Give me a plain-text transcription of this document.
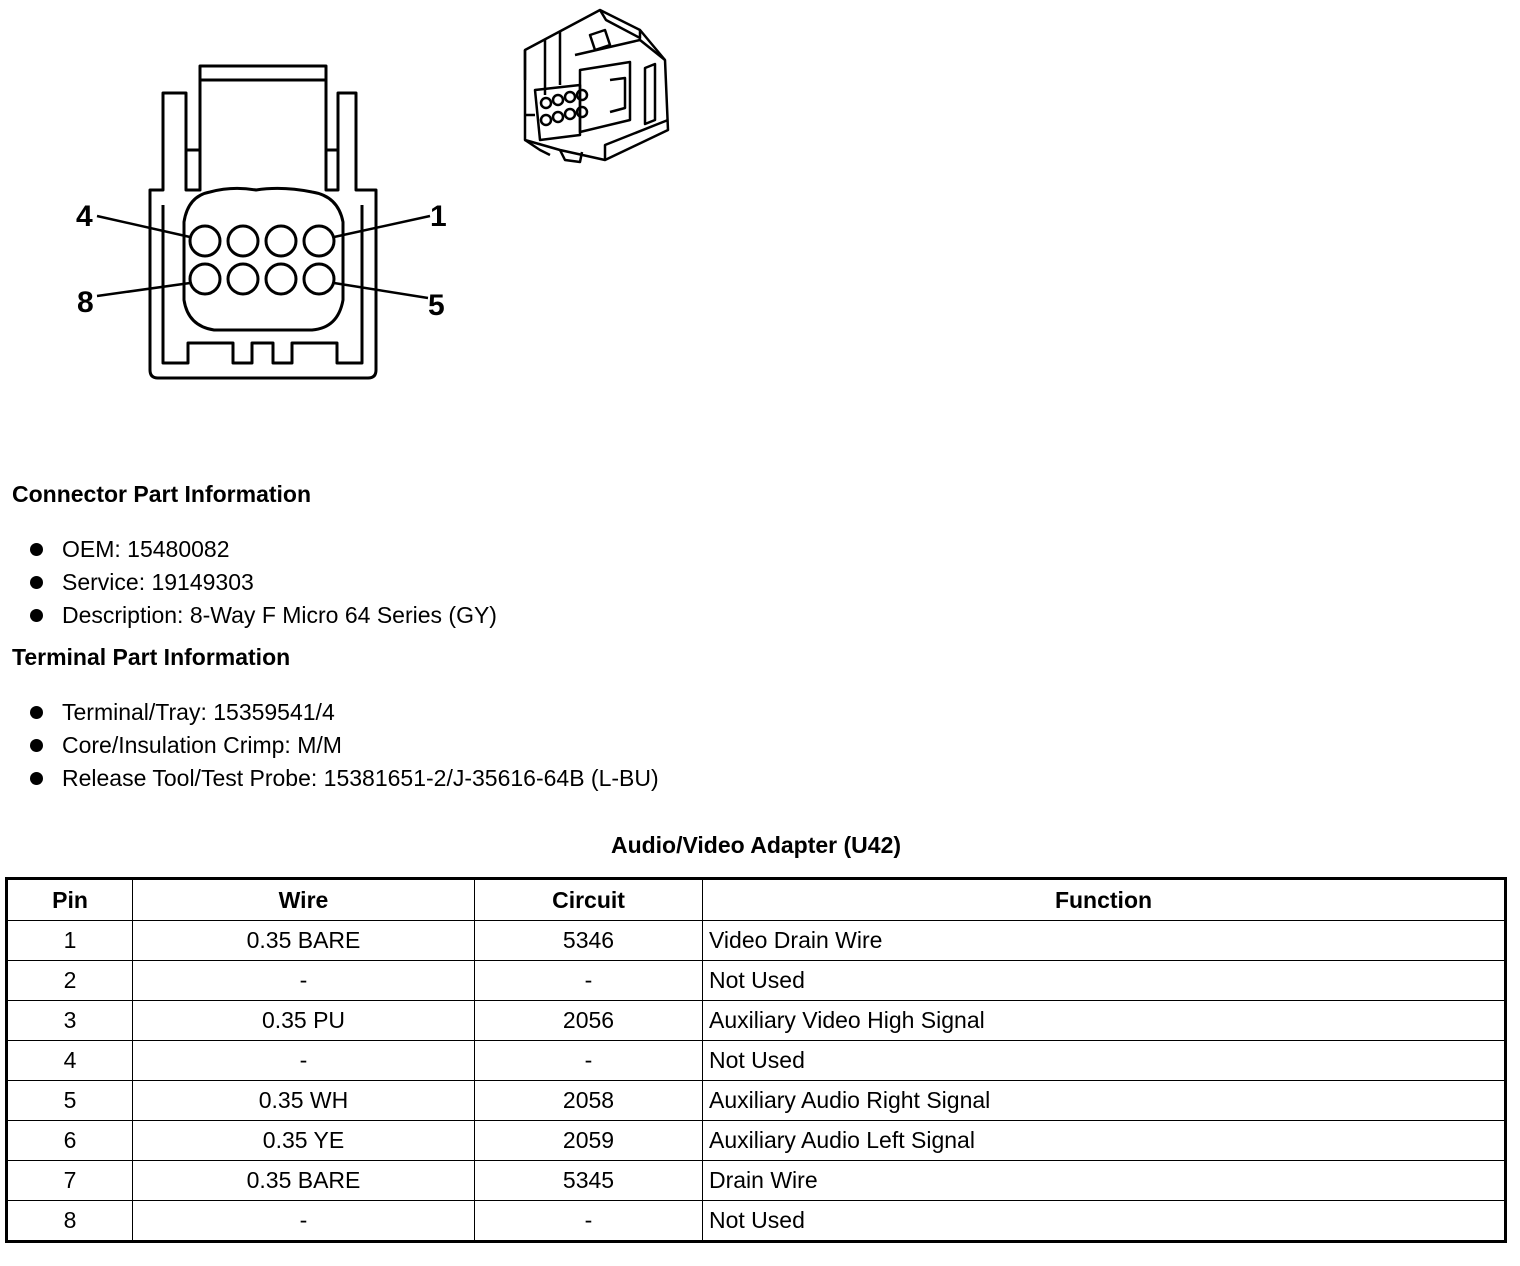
4	1
8	5
Connector Part Information
OEM: 15480082
Service: 19149303
Description: 8-Way F Micro 64 Series (GY)
Terminal Part Information
Terminal/Tray: 15359541/4
Core/Insulation Crimp: M/M
Release Tool/Test Probe: 15381651-2/J-35616-64B (L-BU)
Audio/Video Adapter (U42)
Pin	Wire	Circuit	Function
1	0.35 BARE	5346	Video Drain Wire
2	-	-	Not Used
3	0.35 PU	2056	Auxiliary Video High Signal
4	-	-	Not Used
5	0.35 WH	2058	Auxiliary Audio Right Signal
6	0.35 YE	2059	Auxiliary Audio Left Signal
7	0.35 BARE	5345	Drain Wire
8	-	-	Not Used
